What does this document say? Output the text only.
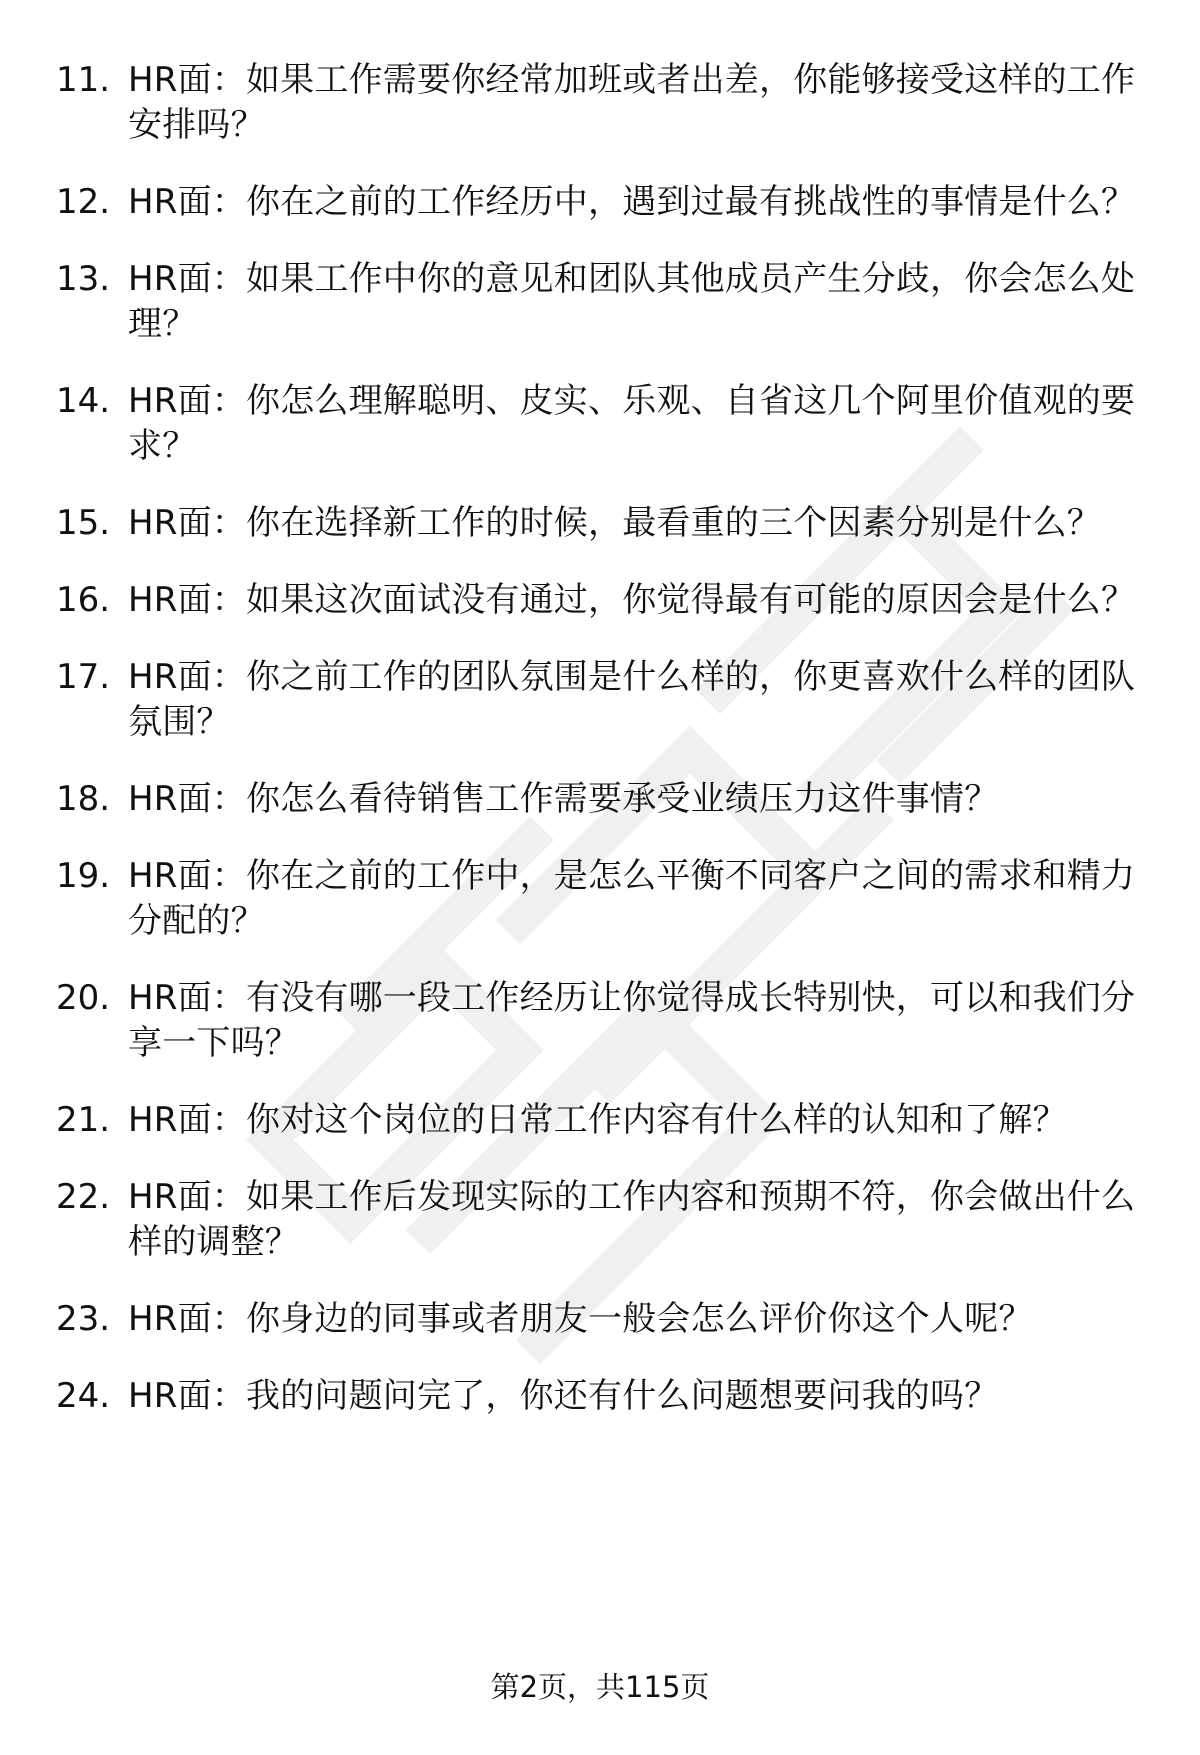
11. HR面：如果工作需要你经常加班或者出差，你能够接受这样的工作安排吗？
12. HR面：你在之前的工作经历中，遇到过最有挑战性的事情是什么？
13. HR面：如果工作中你的意见和团队其他成员产生分歧，你会怎么处理？
14. HR面：你怎么理解聪明、皮实、乐观、自省这几个阿里价值观的要求？
15. HR面：你在选择新工作的时候，最看重的三个因素分别是什么？
16. HR面：如果这次面试没有通过，你觉得最有可能的原因会是什么？
17. HR面：你之前工作的团队氛围是什么样的，你更喜欢什么样的团队氛围？
18. HR面：你怎么看待销售工作需要承受业绩压力这件事情？
19. HR面：你在之前的工作中，是怎么平衡不同客户之间的需求和精力分配的？
20. HR面：有没有哪一段工作经历让你觉得成长特别快，可以和我们分享一下吗？
21. HR面：你对这个岗位的日常工作内容有什么样的认知和了解？
22. HR面：如果工作后发现实际的工作内容和预期不符，你会做出什么样的调整？
23. HR面：你身边的同事或者朋友一般会怎么评价你这个人呢？
24. HR面：我的问题问完了，你还有什么问题想要问我的吗？
第2页，共115页
